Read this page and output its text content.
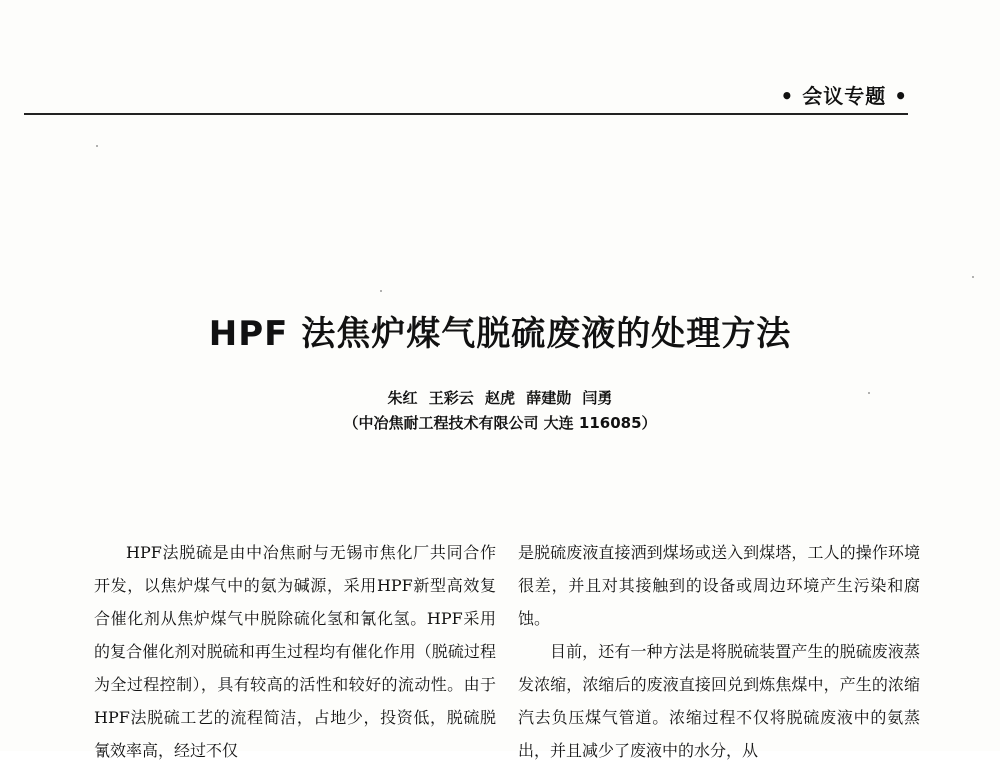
• 会议专题 •
HPF 法焦炉煤气脱硫废液的处理方法
朱红 王彩云 赵虎 薛建勋 闫勇
（中冶焦耐工程技术有限公司 大连 116085）

HPF法脱硫是由中冶焦耐与无锡市焦化厂共同合作开发，以焦炉煤气中的氨为碱源，采用HPF新型高效复合催化剂从焦炉煤气中脱除硫化氢和氰化氢。HPF采用的复合催化剂对脱硫和再生过程均有催化作用（脱硫过程为全过程控制），具有较高的活性和较好的流动性。由于HPF法脱硫工艺的流程简洁，占地少，投资低，脱硫脱氰效率高，经过不仅

是脱硫废液直接洒到煤场或送入到煤塔，工人的操作环境很差，并且对其接触到的设备或周边环境产生污染和腐蚀。

目前，还有一种方法是将脱硫装置产生的脱硫废液蒸发浓缩，浓缩后的废液直接回兑到炼焦煤中，产生的浓缩汽去负压煤气管道。浓缩过程不仅将脱硫废液中的氨蒸出，并且减少了废液中的水分，从
